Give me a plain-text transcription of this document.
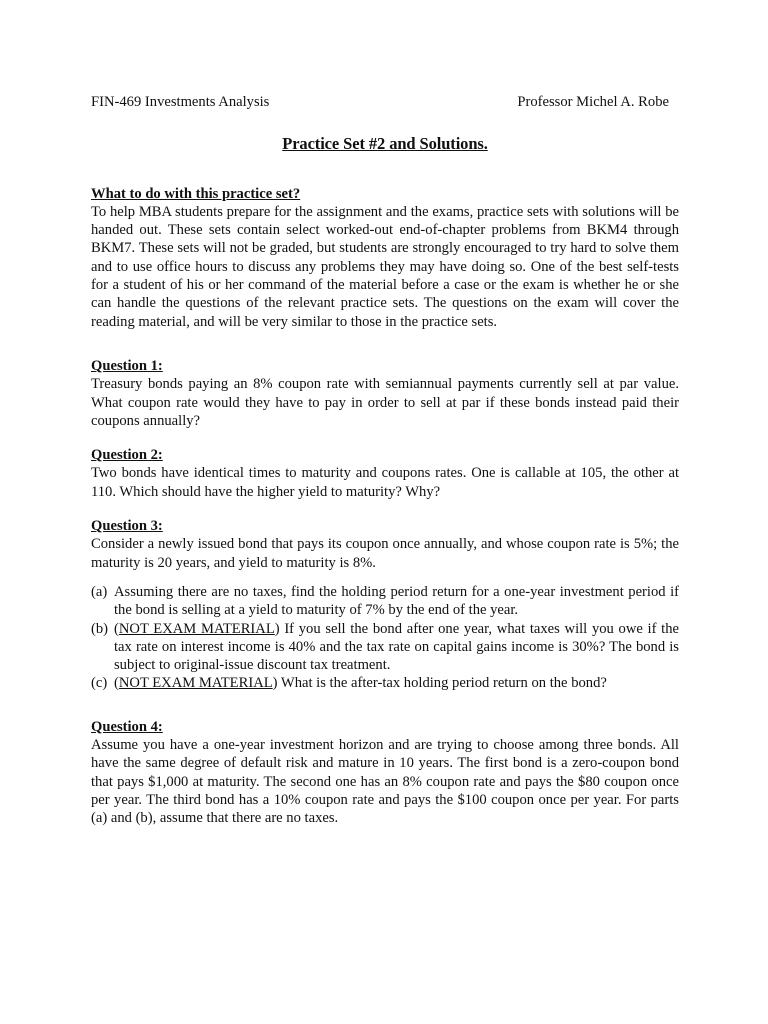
FIN-469 Investments Analysis	Professor Michel A. Robe
Practice Set #2 and Solutions.
What to do with this practice set?

To help MBA students prepare for the assignment and the exams, practice sets with solutions will be handed out. These sets contain select worked-out end-of-chapter problems from BKM4 through BKM7. These sets will not be graded, but students are strongly encouraged to try hard to solve them and to use office hours to discuss any problems they may have doing so. One of the best self-tests for a student of his or her command of the material before a case or the exam is whether he or she can handle the questions of the relevant practice sets. The questions on the exam will cover the reading material, and will be very similar to those in the practice sets.

Question 1:

Treasury bonds paying an 8% coupon rate with semiannual payments currently sell at par value. What coupon rate would they have to pay in order to sell at par if these bonds instead paid their coupons annually?

Question 2:

Two bonds have identical times to maturity and coupons rates. One is callable at 105, the other at 110. Which should have the higher yield to maturity? Why?

Question 3:

Consider a newly issued bond that pays its coupon once annually, and whose coupon rate is 5%; the maturity is 20 years, and yield to maturity is 8%.

(a) Assuming there are no taxes, find the holding period return for a one-year investment period if the bond is selling at a yield to maturity of 7% by the end of the year.
(b) (NOT EXAM MATERIAL) If you sell the bond after one year, what taxes will you owe if the tax rate on interest income is 40% and the tax rate on capital gains income is 30%? The bond is subject to original-issue discount tax treatment.
(c) (NOT EXAM MATERIAL) What is the after-tax holding period return on the bond?
Question 4:

Assume you have a one-year investment horizon and are trying to choose among three bonds. All have the same degree of default risk and mature in 10 years. The first bond is a zero-coupon bond that pays $1,000 at maturity. The second one has an 8% coupon rate and pays the $80 coupon once per year. The third bond has a 10% coupon rate and pays the $100 coupon once per year. For parts (a) and (b), assume that there are no taxes.
